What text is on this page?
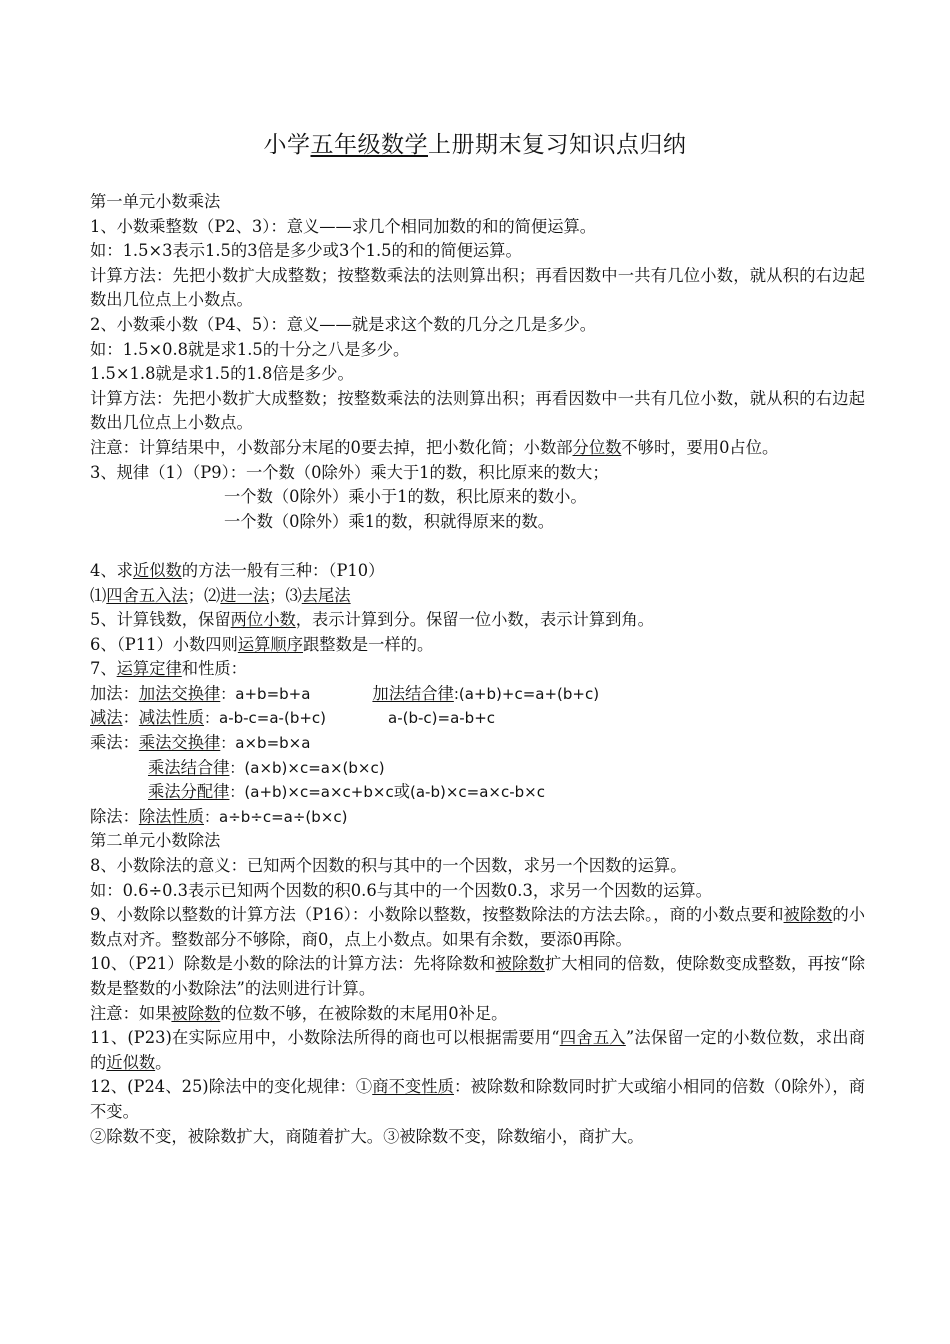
小学五年级数学上册期末复习知识点归纳
第一单元小数乘法
1、小数乘整数（P2、3）：意义——求几个相同加数的和的简便运算。
如：1.5×3表示1.5的3倍是多少或3个1.5的和的简便运算。
计算方法：先把小数扩大成整数；按整数乘法的法则算出积；再看因数中一共有几位小数，就从积的右边起数出几位点上小数点。
2、小数乘小数（P4、5）：意义——就是求这个数的几分之几是多少。
如：1.5×0.8就是求1.5的十分之八是多少。
1.5×1.8就是求1.5的1.8倍是多少。
计算方法：先把小数扩大成整数；按整数乘法的法则算出积；再看因数中一共有几位小数，就从积的右边起数出几位点上小数点。
注意：计算结果中，小数部分末尾的0要去掉，把小数化简；小数部分位数不够时，要用0占位。
3、规律（1）（P9）：一个数（0除外）乘大于1的数，积比原来的数大；
一个数（0除外）乘小于1的数，积比原来的数小。
一个数（0除外）乘1的数，积就得原来的数。
4、求近似数的方法一般有三种：（P10）
⑴四舍五入法；⑵进一法；⑶去尾法
5、计算钱数，保留两位小数，表示计算到分。保留一位小数，表示计算到角。
6、（P11）小数四则运算顺序跟整数是一样的。
7、运算定律和性质：
加法：加法交换律：a+b=b+a	加法结合律:(a+b)+c=a+(b+c)
减法：减法性质：a-b-c=a-(b+c)	a-(b-c)=a-b+c
乘法：乘法交换律：a×b=b×a
乘法结合律：(a×b)×c=a×(b×c)
乘法分配律：(a+b)×c=a×c+b×c或(a-b)×c=a×c-b×c
除法：除法性质：a÷b÷c=a÷(b×c)
第二单元小数除法
8、小数除法的意义：已知两个因数的积与其中的一个因数，求另一个因数的运算。
如：0.6÷0.3表示已知两个因数的积0.6与其中的一个因数0.3，求另一个因数的运算。
9、小数除以整数的计算方法（P16）：小数除以整数，按整数除法的方法去除。，商的小数点要和被除数的小数点对齐。整数部分不够除，商0，点上小数点。如果有余数，要添0再除。
10、（P21）除数是小数的除法的计算方法：先将除数和被除数扩大相同的倍数，使除数变成整数，再按“除数是整数的小数除法”的法则进行计算。
注意：如果被除数的位数不够，在被除数的末尾用0补足。
11、(P23)在实际应用中，小数除法所得的商也可以根据需要用“四舍五入”法保留一定的小数位数，求出商的近似数。
12、(P24、25)除法中的变化规律：①商不变性质：被除数和除数同时扩大或缩小相同的倍数（0除外），商不变。
②除数不变，被除数扩大，商随着扩大。③被除数不变，除数缩小，商扩大。
